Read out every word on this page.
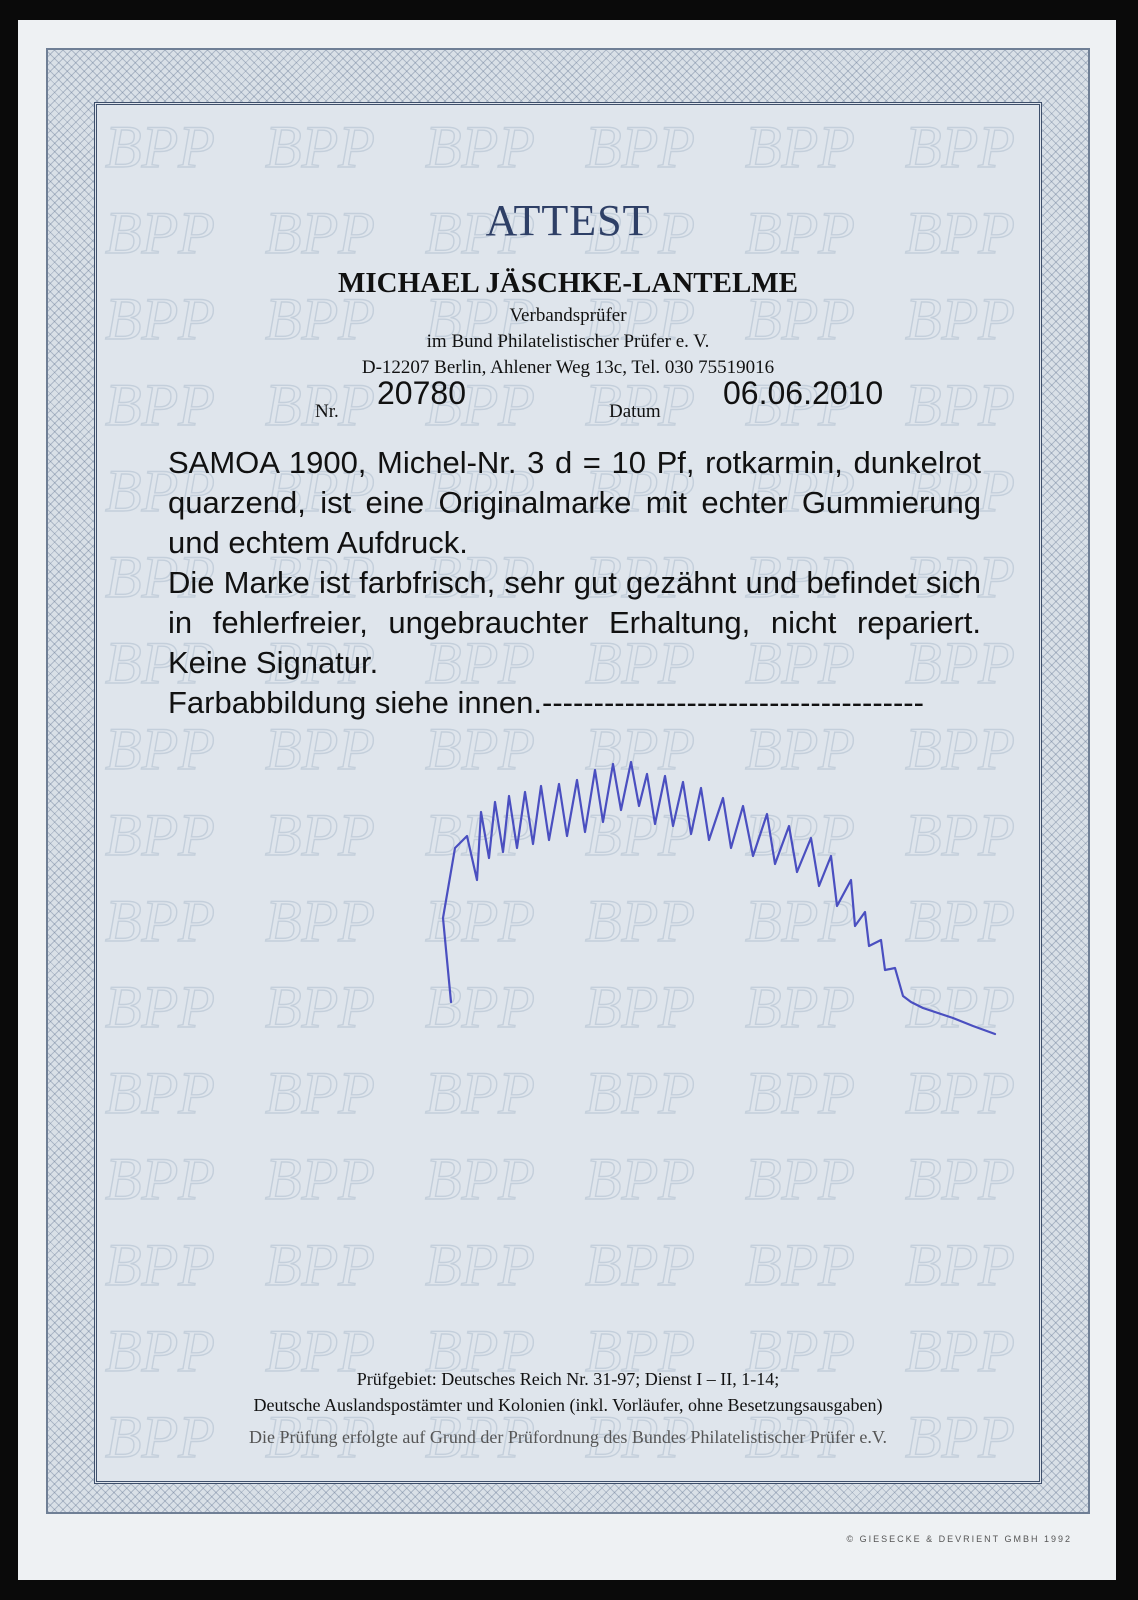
ATTEST
MICHAEL JÄSCHKE-LANTELME
Verbandsprüfer
im Bund Philatelistischer Prüfer e. V.
D-12207 Berlin, Ahlener Weg 13c, Tel. 030 75519016
Nr.
20780
Datum
06.06.2010
SAMOA 1900, Michel-Nr. 3 d = 10 Pf, rotkarmin, dunkelrot quarzend, ist eine Originalmarke mit echter Gummierung und echtem Aufdruck.
Die Marke ist farbfrisch, sehr gut gezähnt und befindet sich in fehlerfreier, ungebrauchter Erhaltung, nicht repariert. Keine Signatur.
Farbabbildung siehe innen.-------------------------------------
Prüfgebiet: Deutsches Reich Nr. 31-97; Dienst I – II, 1-14;
Deutsche Auslandspostämter und Kolonien (inkl. Vorläufer, ohne Besetzungsausgaben)
Die Prüfung erfolgte auf Grund der Prüfordnung des Bundes Philatelistischer Prüfer e.V.
© GIESECKE & DEVRIENT GMBH 1992
